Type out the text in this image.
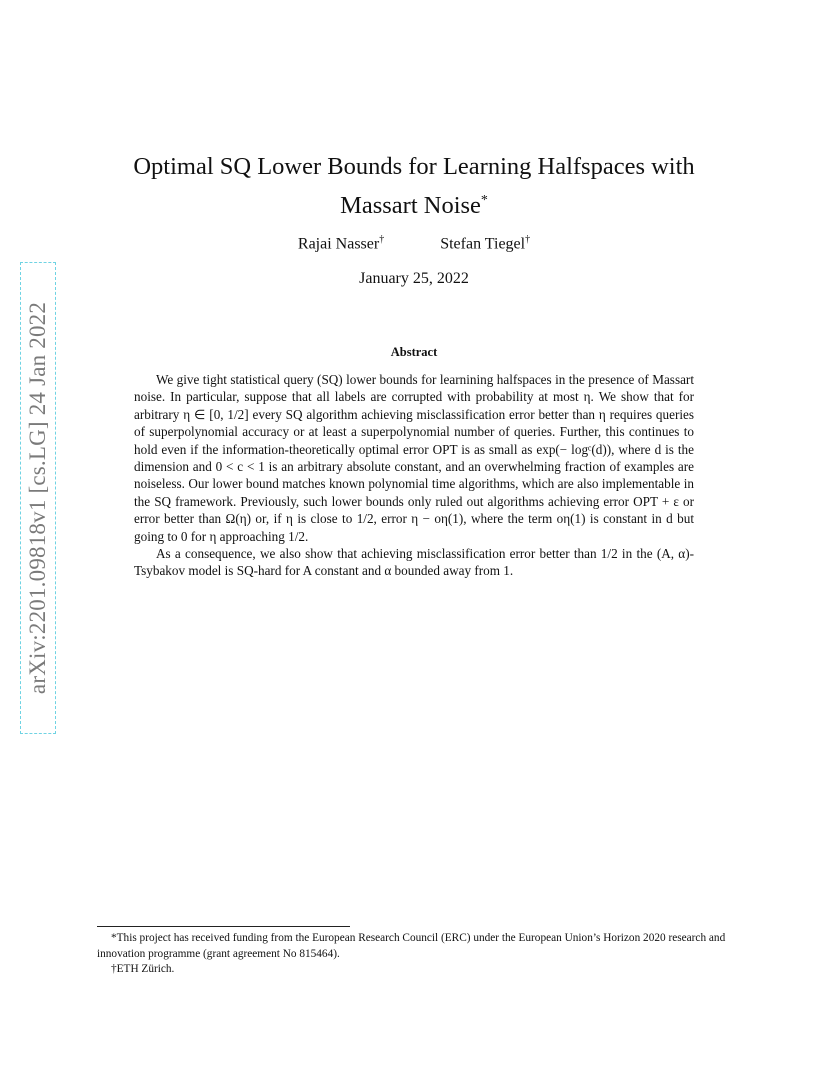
arXiv:2201.09818v1 [cs.LG] 24 Jan 2022
Optimal SQ Lower Bounds for Learning Halfspaces with Massart Noise*
Rajai Nasser†	Stefan Tiegel†
January 25, 2022
Abstract

We give tight statistical query (SQ) lower bounds for learnining halfspaces in the presence of Massart noise. In particular, suppose that all labels are corrupted with probability at most η. We show that for arbitrary η ∈ [0, 1/2] every SQ algorithm achieving misclassification error better than η requires queries of superpolynomial accuracy or at least a superpolynomial number of queries. Further, this continues to hold even if the information-theoretically optimal error OPT is as small as exp(− logᶜ(d)), where d is the dimension and 0 < c < 1 is an arbitrary absolute constant, and an overwhelming fraction of examples are noiseless. Our lower bound matches known polynomial time algorithms, which are also implementable in the SQ framework. Previously, such lower bounds only ruled out algorithms achieving error OPT + ε or error better than Ω(η) or, if η is close to 1/2, error η − oη(1), where the term oη(1) is constant in d but going to 0 for η approaching 1/2.

As a consequence, we also show that achieving misclassification error better than 1/2 in the (A, α)-Tsybakov model is SQ-hard for A constant and α bounded away from 1.

*This project has received funding from the European Research Council (ERC) under the European Union’s Horizon 2020 research and innovation programme (grant agreement No 815464).

†ETH Zürich.
